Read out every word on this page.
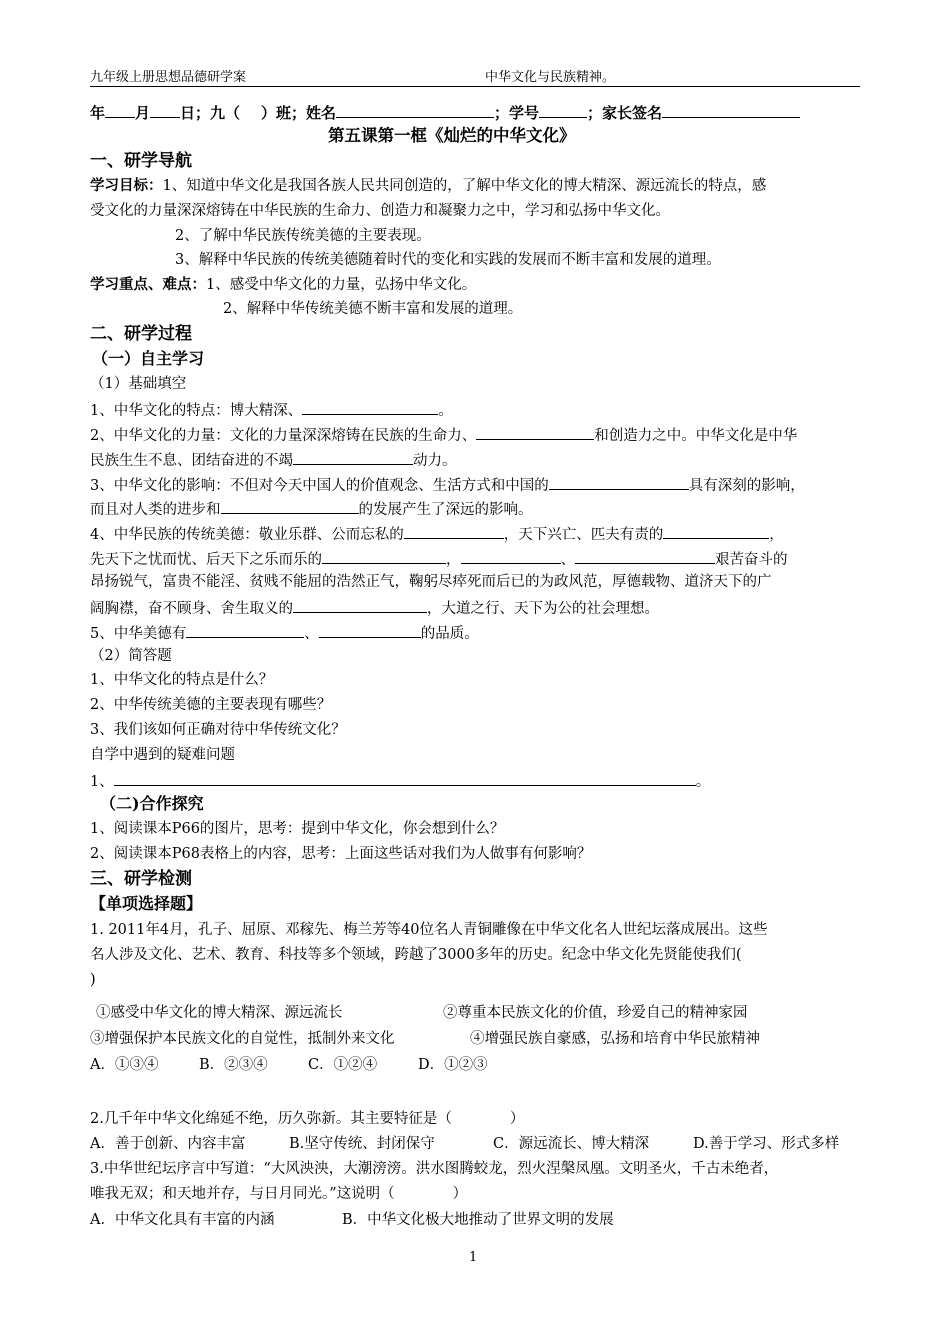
九年级上册思想品德研学案	中华文化与民族精神。
年 月 日；九（ ）班；姓名	；学号	；家长签名
第五课第一框《灿烂的中华文化》
一、研学导航
学习目标：1、知道中华文化是我国各族人民共同创造的，了解中华文化的博大精深、源远流长的特点，感
受文化的力量深深熔铸在中华民族的生命力、创造力和凝聚力之中，学习和弘扬中华文化。
2、了解中华民族传统美德的主要表现。
3、解释中华民族的传统美德随着时代的变化和实践的发展而不断丰富和发展的道理。
学习重点、难点：1、感受中华文化的力量，弘扬中华文化。
2、解释中华传统美德不断丰富和发展的道理。
二、研学过程
（一）自主学习
（1）基础填空
1、中华文化的特点：博大精深、	。
2、中华文化的力量：文化的力量深深熔铸在民族的生命力、	和创造力之中。中华文化是中华
民族生生不息、团结奋进的不竭	动力。
3、中华文化的影响：不但对今天中国人的价值观念、生活方式和中国的	具有深刻的影响，
而且对人类的进步和	的发展产生了深远的影响。
4、中华民族的传统美德：敬业乐群、公而忘私的	，天下兴亡、匹夫有责的	，
先天下之忧而忧、后天下之乐而乐的	，	、	艰苦奋斗的
昂扬锐气，富贵不能淫、贫贱不能屈的浩然正气，鞠躬尽瘁死而后已的为政风范，厚德载物、道济天下的广
阔胸襟，奋不顾身、舍生取义的	，大道之行、天下为公的社会理想。
5、中华美德有	、	的品质。
（2）简答题
1、中华文化的特点是什么？
2、中华传统美德的主要表现有哪些？
3、我们该如何正确对待中华传统文化？
自学中遇到的疑难问题
1、	。
（二)合作探究
1、阅读课本P66的图片，思考：提到中华文化，你会想到什么？
2、阅读课本P68表格上的内容，思考：上面这些话对我们为人做事有何影响？
三、研学检测
【单项选择题】
1. 2011年4月，孔子、屈原、邓稼先、梅兰芳等40位名人青铜雕像在中华文化名人世纪坛落成展出。这些
名人涉及文化、艺术、教育、科技等多个领域，跨越了3000多年的历史。纪念中华文化先贤能使我们(
)
①感受中华文化的博大精深、源远流长	②尊重本民族文化的价值，珍爱自己的精神家园
③增强保护本民族文化的自觉性，抵制外来文化	④增强民族自豪感，弘扬和培育中华民旅精神
A．①③④	B．②③④	C．①②④	D．①②③
2.几千年中华文化绵延不绝，历久弥新。其主要特征是（　　　　）
A．善于创新、内容丰富	B.坚守传统、封闭保守	C．源远流长、博大精深	D.善于学习、形式多样
3.中华世纪坛序言中写道：“大风泱泱，大潮滂滂。洪水图腾蛟龙，烈火涅槃凤凰。文明圣火，千古未绝者，
唯我无双；和天地并存，与日月同光。”这说明（　　　　）
A．中华文化具有丰富的内涵	B．中华文化极大地推动了世界文明的发展
1
